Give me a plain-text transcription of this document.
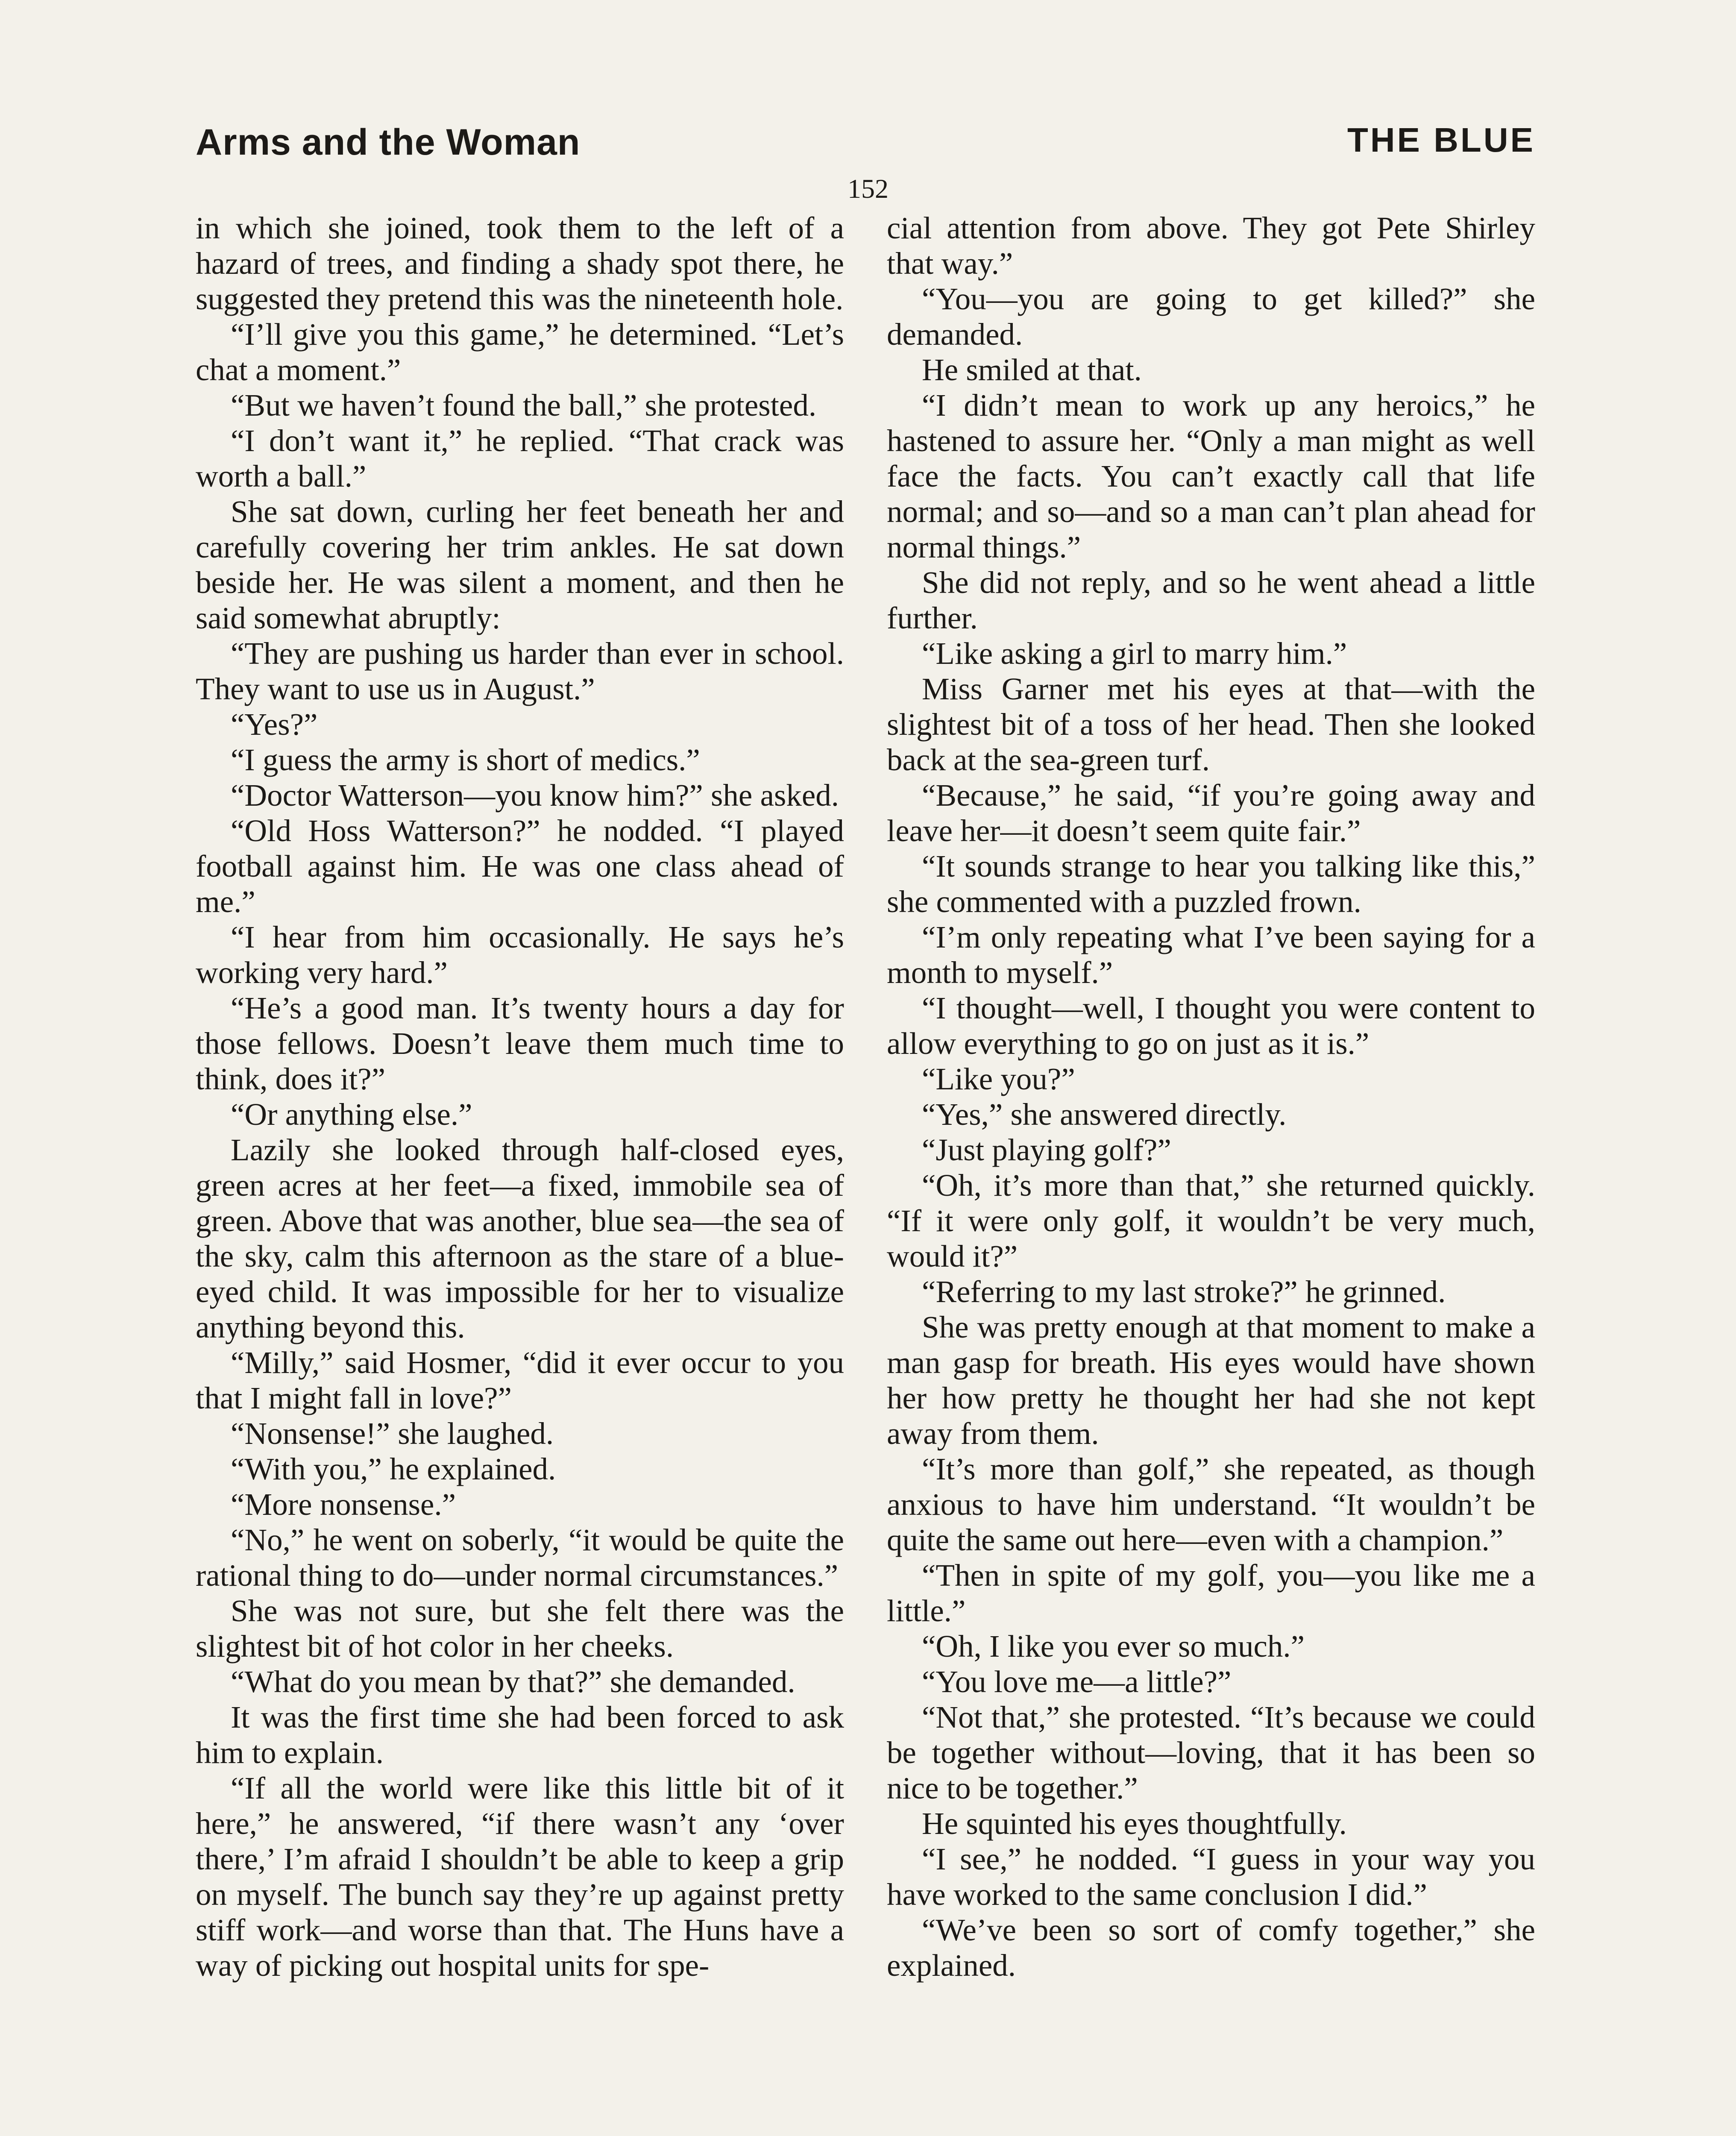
Arms and the Woman	THE BLUE
152

in which she joined, took them to the left of a hazard of trees, and finding a shady spot there, he suggested they pretend this was the nineteenth hole.

“I’ll give you this game,” he determined. “Let’s chat a moment.”

“But we haven’t found the ball,” she protested.

“I don’t want it,” he replied. “That crack was worth a ball.”

She sat down, curling her feet beneath her and carefully covering her trim ankles. He sat down beside her. He was silent a moment, and then he said somewhat abruptly:

“They are pushing us harder than ever in school. They want to use us in August.”

“Yes?”

“I guess the army is short of medics.”

“Doctor Watterson—you know him?” she asked.

“Old Hoss Watterson?” he nodded. “I played football against him. He was one class ahead of me.”

“I hear from him occasionally. He says he’s working very hard.”

“He’s a good man. It’s twenty hours a day for those fellows. Doesn’t leave them much time to think, does it?”

“Or anything else.”

Lazily she looked through half-closed eyes, green acres at her feet—a fixed, immobile sea of green. Above that was another, blue sea—the sea of the sky, calm this afternoon as the stare of a blue-eyed child. It was impossible for her to visualize anything beyond this.

“Milly,” said Hosmer, “did it ever occur to you that I might fall in love?”

“Nonsense!” she laughed.

“With you,” he explained.

“More nonsense.”

“No,” he went on soberly, “it would be quite the rational thing to do—under normal circumstances.”

She was not sure, but she felt there was the slightest bit of hot color in her cheeks.

“What do you mean by that?” she demanded.

It was the first time she had been forced to ask him to explain.

“If all the world were like this little bit of it here,” he answered, “if there wasn’t any ‘over there,’ I’m afraid I shouldn’t be able to keep a grip on myself. The bunch say they’re up against pretty stiff work—and worse than that. The Huns have a way of picking out hospital units for spe-

cial attention from above. They got Pete Shirley that way.”

“You—you are going to get killed?” she demanded.

He smiled at that.

“I didn’t mean to work up any heroics,” he hastened to assure her. “Only a man might as well face the facts. You can’t exactly call that life normal; and so—and so a man can’t plan ahead for normal things.”

She did not reply, and so he went ahead a little further.

“Like asking a girl to marry him.”

Miss Garner met his eyes at that—with the slightest bit of a toss of her head. Then she looked back at the sea-green turf.

“Because,” he said, “if you’re going away and leave her—it doesn’t seem quite fair.”

“It sounds strange to hear you talking like this,” she commented with a puzzled frown.

“I’m only repeating what I’ve been saying for a month to myself.”

“I thought—well, I thought you were content to allow everything to go on just as it is.”

“Like you?”

“Yes,” she answered directly.

“Just playing golf?”

“Oh, it’s more than that,” she returned quickly. “If it were only golf, it wouldn’t be very much, would it?”

“Referring to my last stroke?” he grinned.

She was pretty enough at that moment to make a man gasp for breath. His eyes would have shown her how pretty he thought her had she not kept away from them.

“It’s more than golf,” she repeated, as though anxious to have him understand. “It wouldn’t be quite the same out here—even with a champion.”

“Then in spite of my golf, you—you like me a little.”

“Oh, I like you ever so much.”

“You love me—a little?”

“Not that,” she protested. “It’s because we could be together without—loving, that it has been so nice to be together.”

He squinted his eyes thoughtfully.

“I see,” he nodded. “I guess in your way you have worked to the same conclusion I did.”

“We’ve been so sort of comfy together,” she explained.
